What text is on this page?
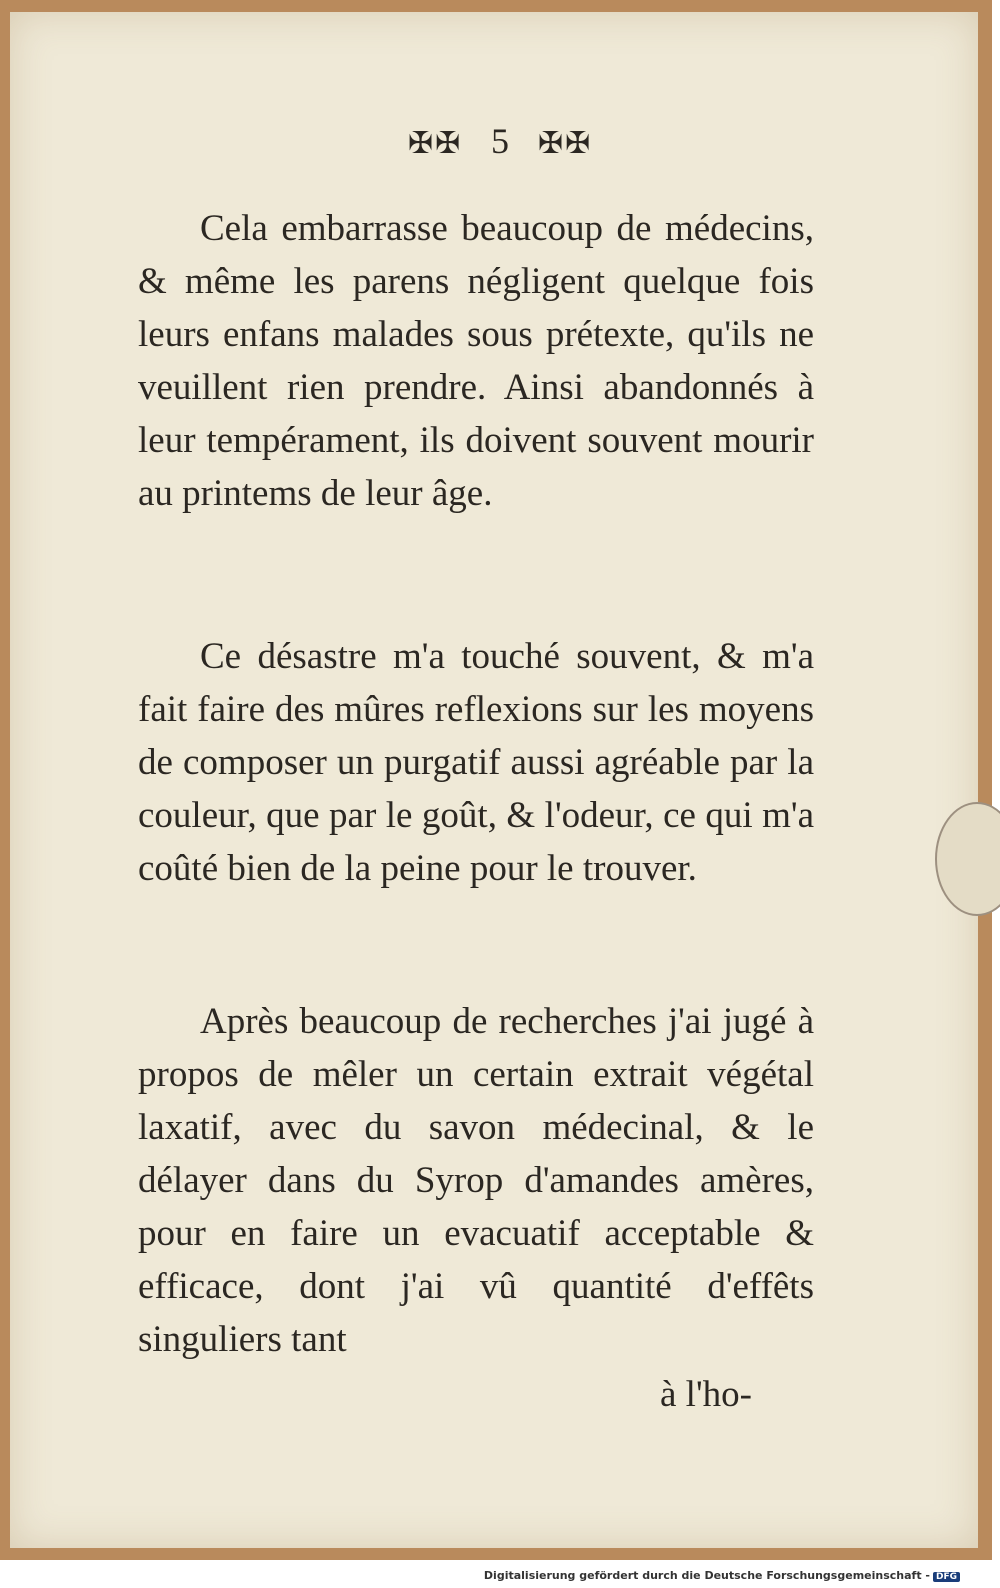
✠✠ 5 ✠✠

Cela embarrasse beaucoup de médecins, & même les parens négligent quelque fois leurs enfans malades sous prétexte, qu'ils ne veuillent rien prendre. Ainsi abandonnés à leur tempérament, ils doivent souvent mourir au printems de leur âge.

Ce désastre m'a touché souvent, & m'a fait faire des mûres reflexions sur les moyens de composer un purgatif aussi agréable par la couleur, que par le goût, & l'odeur, ce qui m'a coûté bien de la peine pour le trouver.

Après beaucoup de recherches j'ai jugé à propos de mêler un certain extrait végétal laxatif, avec du savon médecinal, & le délayer dans du Syrop d'amandes amères, pour en faire un evacuatif acceptable & efficace, dont j'ai vû quantité d'effêts singuliers tant

à l'ho-
Digitalisierung gefördert durch die Deutsche Forschungsgemeinschaft - DFG
